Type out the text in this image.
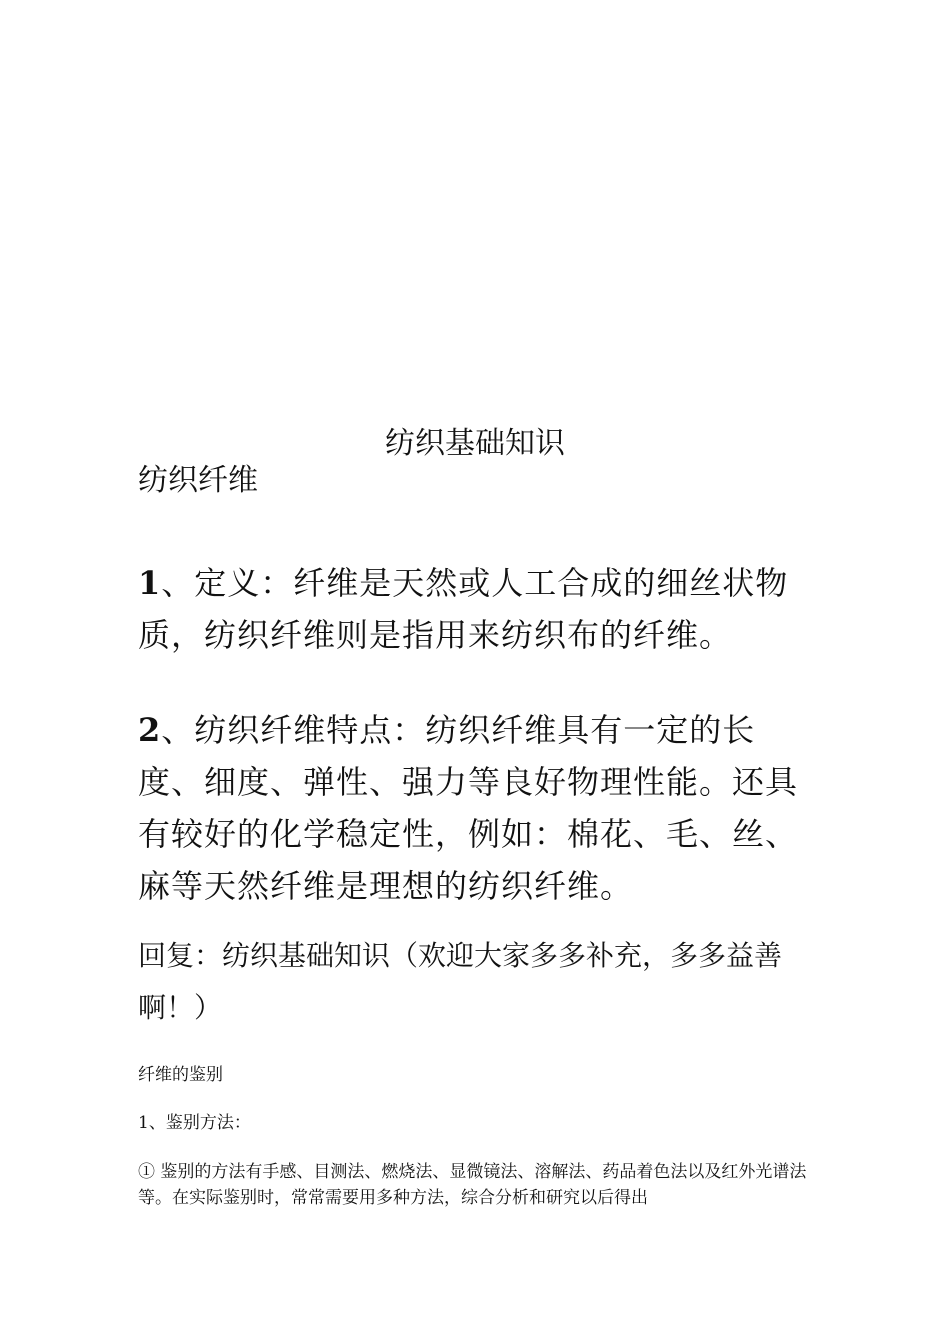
纺织基础知识
纺织纤维
1、定义：纤维是天然或人工合成的细丝状物质，纺织纤维则是指用来纺织布的纤维。
2、纺织纤维特点：纺织纤维具有一定的长度、细度、弹性、强力等良好物理性能。还具有较好的化学稳定性，例如：棉花、毛、丝、麻等天然纤维是理想的纺织纤维。
回复：纺织基础知识（欢迎大家多多补充，多多益善啊！）
纤维的鉴别
1、鉴别方法：
① 鉴别的方法有手感、目测法、燃烧法、显微镜法、溶解法、药品着色法以及红外光谱法等。在实际鉴别时，常常需要用多种方法，综合分析和研究以后得出
